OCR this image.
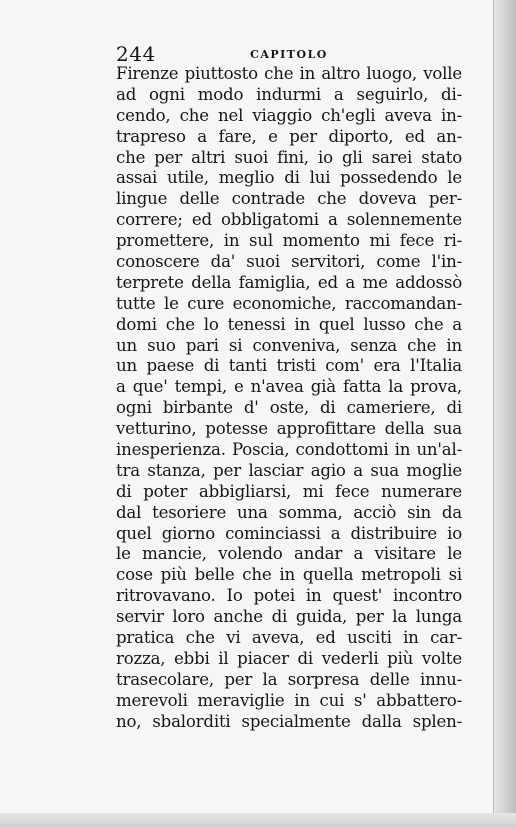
244	CAPITOLO
Firenze piuttosto che in altro luogo, volle
ad ogni modo indurmi a seguirlo, di-
cendo, che nel viaggio ch'egli aveva in-
trapreso a fare, e per diporto, ed an-
che per altri suoi fini, io gli sarei stato
assai utile, meglio di lui possedendo le
lingue delle contrade che doveva per-
correre; ed obbligatomi a solennemente
promettere, in sul momento mi fece ri-
conoscere da' suoi servitori, come l'in-
terprete della famiglia, ed a me addossò
tutte le cure economiche, raccomandan-
domi che lo tenessi in quel lusso che a
un suo pari si conveniva, senza che in
un paese di tanti tristi com' era l'Italia
a que' tempi, e n'avea già fatta la prova,
ogni birbante d' oste, di cameriere, di
vetturino, potesse approfittare della sua
inesperienza. Poscia, condottomi in un'al-
tra stanza, per lasciar agio a sua moglie
di poter abbigliarsi, mi fece numerare
dal tesoriere una somma, acciò sin da
quel giorno cominciassi a distribuire io
le mancie, volendo andar a visitare le
cose più belle che in quella metropoli si
ritrovavano. Io potei in quest' incontro
servir loro anche di guida, per la lunga
pratica che vi aveva, ed usciti in car-
rozza, ebbi il piacer di vederli più volte
trasecolare, per la sorpresa delle innu-
merevoli meraviglie in cui s' abbattero-
no, sbalorditi specialmente dalla splen-
